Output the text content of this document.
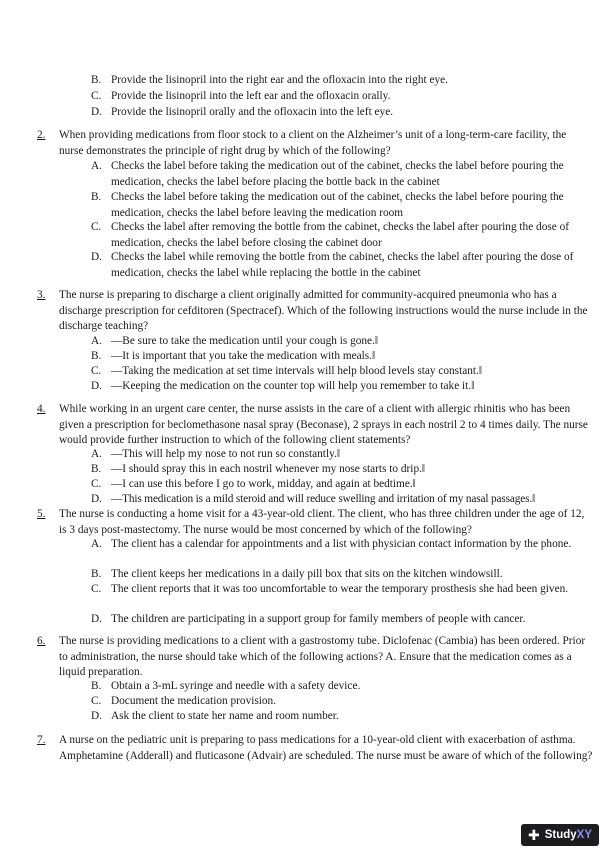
B. Provide the lisinopril into the right ear and the ofloxacin into the right eye.
C. Provide the lisinopril into the left ear and the ofloxacin orally.
D. Provide the lisinopril orally and the ofloxacin into the left eye.
2. When providing medications from floor stock to a client on the Alzheimer’s unit of a long-term-care facility, the nurse demonstrates the principle of right drug by which of the following?
A. Checks the label before taking the medication out of the cabinet, checks the label before pouring the medication, checks the label before placing the bottle back in the cabinet
B. Checks the label before taking the medication out of the cabinet, checks the label before pouring the medication, checks the label before leaving the medication room
C. Checks the label after removing the bottle from the cabinet, checks the label after pouring the dose of medication, checks the label before closing the cabinet door
D. Checks the label while removing the bottle from the cabinet, checks the label after pouring the dose of medication, checks the label while replacing the bottle in the cabinet
3. The nurse is preparing to discharge a client originally admitted for community-acquired pneumonia who has a discharge prescription for cefditoren (Spectracef). Which of the following instructions would the nurse include in the discharge teaching?
A. ―Be sure to take the medication until your cough is gone.‖
B. ―It is important that you take the medication with meals.‖
C. ―Taking the medication at set time intervals will help blood levels stay constant.‖
D. ―Keeping the medication on the counter top will help you remember to take it.‖
4. While working in an urgent care center, the nurse assists in the care of a client with allergic rhinitis who has been given a prescription for beclomethasone nasal spray (Beconase), 2 sprays in each nostril 2 to 4 times daily. The nurse would provide further instruction to which of the following client statements?
A. ―This will help my nose to not run so constantly.‖
B. ―I should spray this in each nostril whenever my nose starts to drip.‖
C. ―I can use this before I go to work, midday, and again at bedtime.‖
D. ―This medication is a mild steroid and will reduce swelling and irritation of my nasal passages.‖
5. The nurse is conducting a home visit for a 43-year-old client. The client, who has three children under the age of 12, is 3 days post-mastectomy. The nurse would be most concerned by which of the following?
A. The client has a calendar for appointments and a list with physician contact information by the phone.
B. The client keeps her medications in a daily pill box that sits on the kitchen windowsill.
C. The client reports that it was too uncomfortable to wear the temporary prosthesis she had been given.
D. The children are participating in a support group for family members of people with cancer.
6. The nurse is providing medications to a client with a gastrostomy tube. Diclofenac (Cambia) has been ordered. Prior to administration, the nurse should take which of the following actions? A. Ensure that the medication comes as a liquid preparation.
B. Obtain a 3-mL syringe and needle with a safety device.
C. Document the medication provision.
D. Ask the client to state her name and room number.
7. A nurse on the pediatric unit is preparing to pass medications for a 10-year-old client with exacerbation of asthma. Amphetamine (Adderall) and fluticasone (Advair) are scheduled. The nurse must be aware of which of the following?
✚ Study XY
